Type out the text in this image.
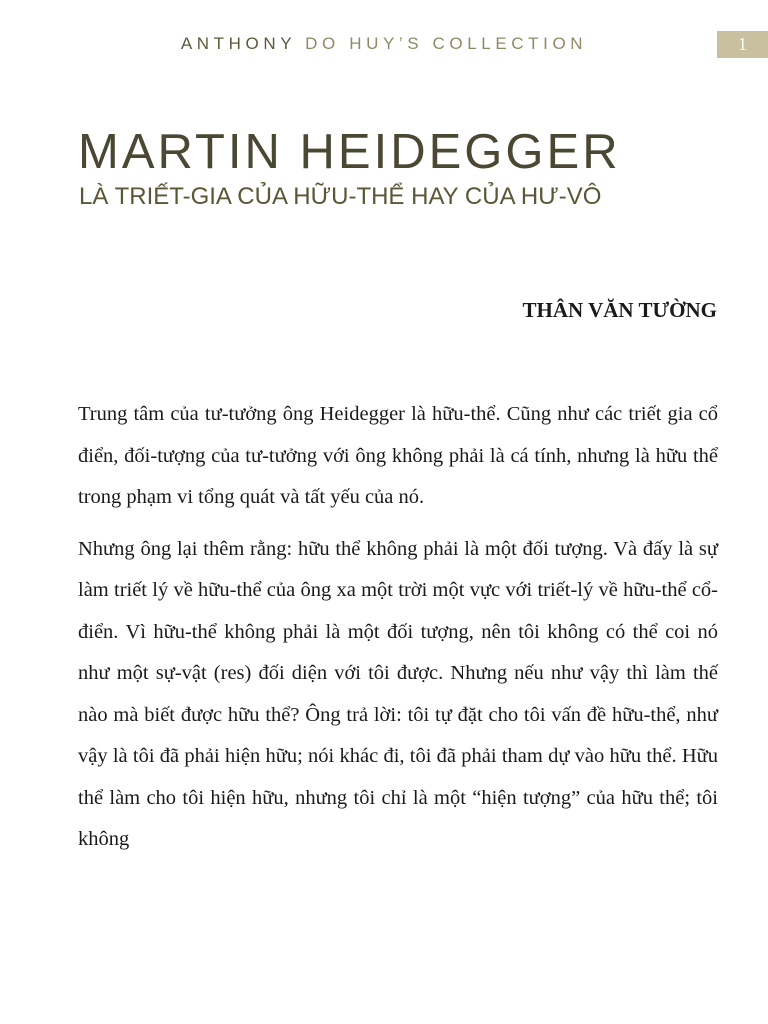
ANTHONY DO HUY’S COLLECTION	1
MARTIN HEIDEGGER
LÀ TRIẾT-GIA CỦA HỮU-THỂ HAY CỦA HƯ-VÔ
THÂN VĂN TƯỜNG

Trung tâm của tư-tưởng ông Heidegger là hữu-thể. Cũng như các triết gia cổ điển, đối-tượng của tư-tưởng với ông không phải là cá tính, nhưng là hữu thể trong phạm vi tổng quát và tất yếu của nó.

Nhưng ông lại thêm rằng: hữu thể không phải là một đối tượng. Và đấy là sự làm triết lý về hữu-thể của ông xa một trời một vực với triết-lý về hữu-thể cổ-điển. Vì hữu-thể không phải là một đối tượng, nên tôi không có thể coi nó như một sự-vật (res) đối diện với tôi được. Nhưng nếu như vậy thì làm thế nào mà biết được hữu thể? Ông trả lời: tôi tự đặt cho tôi vấn đề hữu-thể, như vậy là tôi đã phải hiện hữu; nói khác đi, tôi đã phải tham dự vào hữu thể. Hữu thể làm cho tôi hiện hữu, nhưng tôi chỉ là một “hiện tượng” của hữu thể; tôi không
